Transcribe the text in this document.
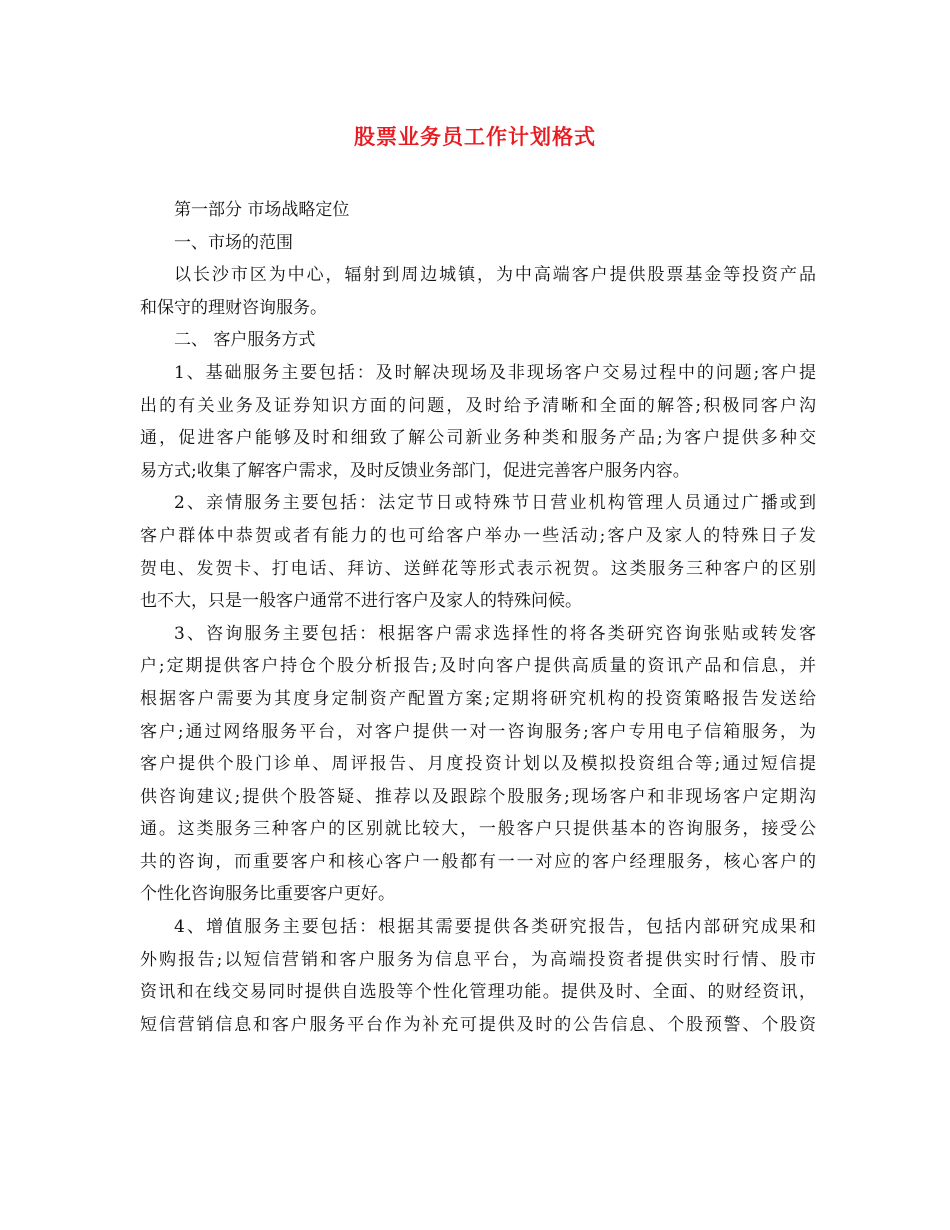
股票业务员工作计划格式
第一部分 市场战略定位
一、市场的范围
以长沙市区为中心，辐射到周边城镇，为中高端客户提供股票基金等投资产品
和保守的理财咨询服务。
二、 客户服务方式
1、基础服务主要包括：及时解决现场及非现场客户交易过程中的问题;客户提
出的有关业务及证券知识方面的问题，及时给予清晰和全面的解答;积极同客户沟
通，促进客户能够及时和细致了解公司新业务种类和服务产品;为客户提供多种交
易方式;收集了解客户需求，及时反馈业务部门，促进完善客户服务内容。
2、亲情服务主要包括：法定节日或特殊节日营业机构管理人员通过广播或到
客户群体中恭贺或者有能力的也可给客户举办一些活动;客户及家人的特殊日子发
贺电、发贺卡、打电话、拜访、送鲜花等形式表示祝贺。这类服务三种客户的区别
也不大，只是一般客户通常不进行客户及家人的特殊问候。
3、咨询服务主要包括：根据客户需求选择性的将各类研究咨询张贴或转发客
户;定期提供客户持仓个股分析报告;及时向客户提供高质量的资讯产品和信息，并
根据客户需要为其度身定制资产配置方案;定期将研究机构的投资策略报告发送给
客户;通过网络服务平台，对客户提供一对一咨询服务;客户专用电子信箱服务，为
客户提供个股门诊单、周评报告、月度投资计划以及模拟投资组合等;通过短信提
供咨询建议;提供个股答疑、推荐以及跟踪个股服务;现场客户和非现场客户定期沟
通。这类服务三种客户的区别就比较大，一般客户只提供基本的咨询服务，接受公
共的咨询，而重要客户和核心客户一般都有一一对应的客户经理服务，核心客户的
个性化咨询服务比重要客户更好。
4、增值服务主要包括：根据其需要提供各类研究报告，包括内部研究成果和
外购报告;以短信营销和客户服务为信息平台，为高端投资者提供实时行情、股市
资讯和在线交易同时提供自选股等个性化管理功能。提供及时、全面、的财经资讯，
短信营销信息和客户服务平台作为补充可提供及时的公告信息、个股预警、个股资
